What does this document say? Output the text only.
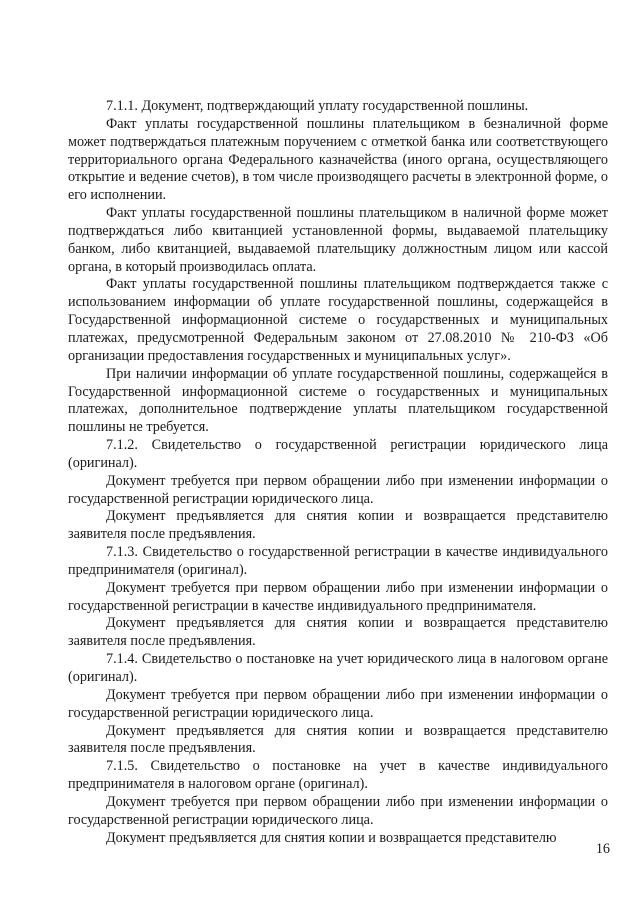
7.1.1. Документ, подтверждающий уплату государственной пошлины.

Факт уплаты государственной пошлины плательщиком в безналичной форме может подтверждаться платежным поручением с отметкой банка или соответствующего территориального органа Федерального казначейства (иного органа, осуществляющего открытие и ведение счетов), в том числе производящего расчеты в электронной форме, о его исполнении.

Факт уплаты государственной пошлины плательщиком в наличной форме может подтверждаться либо квитанцией установленной формы, выдаваемой плательщику банком, либо квитанцией, выдаваемой плательщику должностным лицом или кассой органа, в который производилась оплата.

Факт уплаты государственной пошлины плательщиком подтверждается также с использованием информации об уплате государственной пошлины, содержащейся в Государственной информационной системе о государственных и муниципальных платежах, предусмотренной Федеральным законом от 27.08.2010 № 210-ФЗ «Об организации предоставления государственных и муниципальных услуг».

При наличии информации об уплате государственной пошлины, содержащейся в Государственной информационной системе о государственных и муниципальных платежах, дополнительное подтверждение уплаты плательщиком государственной пошлины не требуется.

7.1.2. Свидетельство о государственной регистрации юридического лица (оригинал).

Документ требуется при первом обращении либо при изменении информации о государственной регистрации юридического лица.

Документ предъявляется для снятия копии и возвращается представителю заявителя после предъявления.

7.1.3. Свидетельство о государственной регистрации в качестве индивидуального предпринимателя (оригинал).

Документ требуется при первом обращении либо при изменении информации о государственной регистрации в качестве индивидуального предпринимателя.

Документ предъявляется для снятия копии и возвращается представителю заявителя после предъявления.

7.1.4. Свидетельство о постановке на учет юридического лица в налоговом органе (оригинал).

Документ требуется при первом обращении либо при изменении информации о государственной регистрации юридического лица.

Документ предъявляется для снятия копии и возвращается представителю заявителя после предъявления.

7.1.5. Свидетельство о постановке на учет в качестве индивидуального предпринимателя в налоговом органе (оригинал).

Документ требуется при первом обращении либо при изменении информации о государственной регистрации юридического лица.

Документ предъявляется для снятия копии и возвращается представителю

16
